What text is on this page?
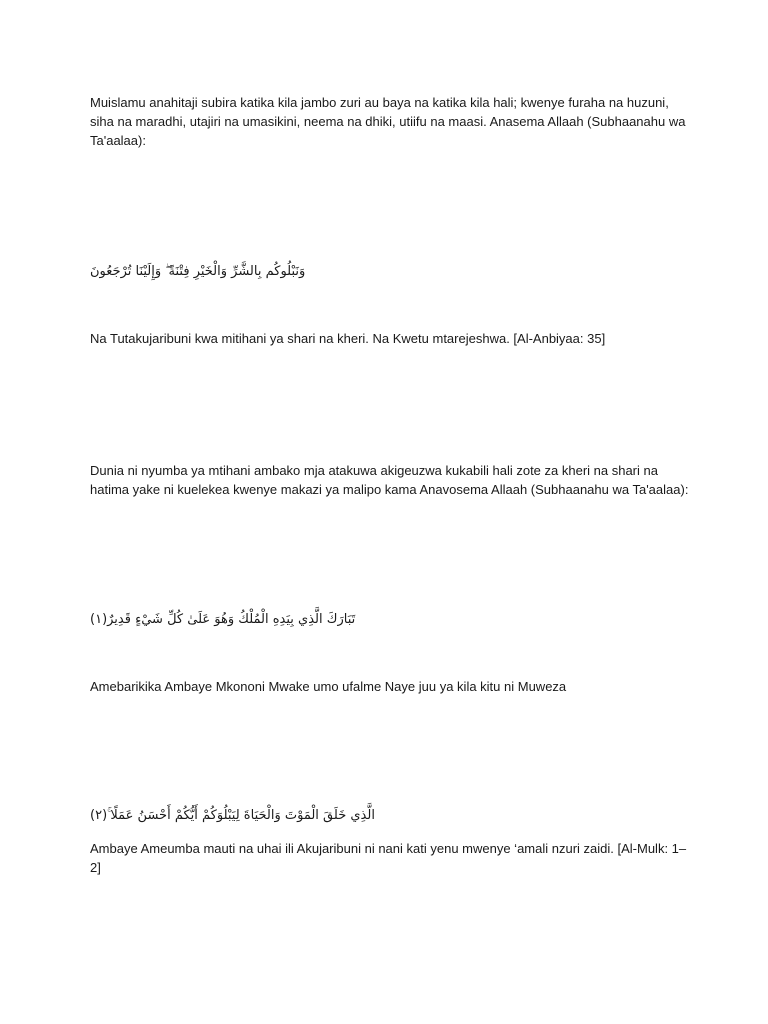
Muislamu anahitaji subira katika kila jambo zuri au baya na katika kila hali; kwenye furaha na huzuni, siha na maradhi, utajiri na umasikini, neema na dhiki, utiifu na maasi. Anasema Allaah (Subhaanahu wa Ta'aalaa):

وَنَبْلُوكُم بِالشَّرِّ وَالْخَيْرِ فِتْنَةً ۖ وَإِلَيْنَا تُرْجَعُونَ

Na Tutakujaribuni kwa mitihani ya shari na kheri. Na Kwetu mtarejeshwa. [Al-Anbiyaa: 35]

Dunia ni nyumba ya mtihani ambako mja atakuwa akigeuzwa kukabili hali zote za kheri na shari na hatima yake ni kuelekea kwenye makazi ya malipo kama Anavosema Allaah (Subhaanahu wa Ta'aalaa):

تَبَارَكَ الَّذِي بِيَدِهِ الْمُلْكُ وَهُوَ عَلَىٰ كُلِّ شَيْءٍ قَدِيرٌ(١)

Amebarikika Ambaye Mkononi Mwake umo ufalme Naye juu ya kila kitu ni Muweza

الَّذِي خَلَقَ الْمَوْتَ وَالْحَيَاةَ لِيَبْلُوَكُمْ أَيُّكُمْ أَحْسَنُ عَمَلًا ۚ(٢)

Ambaye Ameumba mauti na uhai ili Akujaribuni ni nani kati yenu mwenye ‘amali nzuri zaidi. [Al-Mulk: 1–2]
